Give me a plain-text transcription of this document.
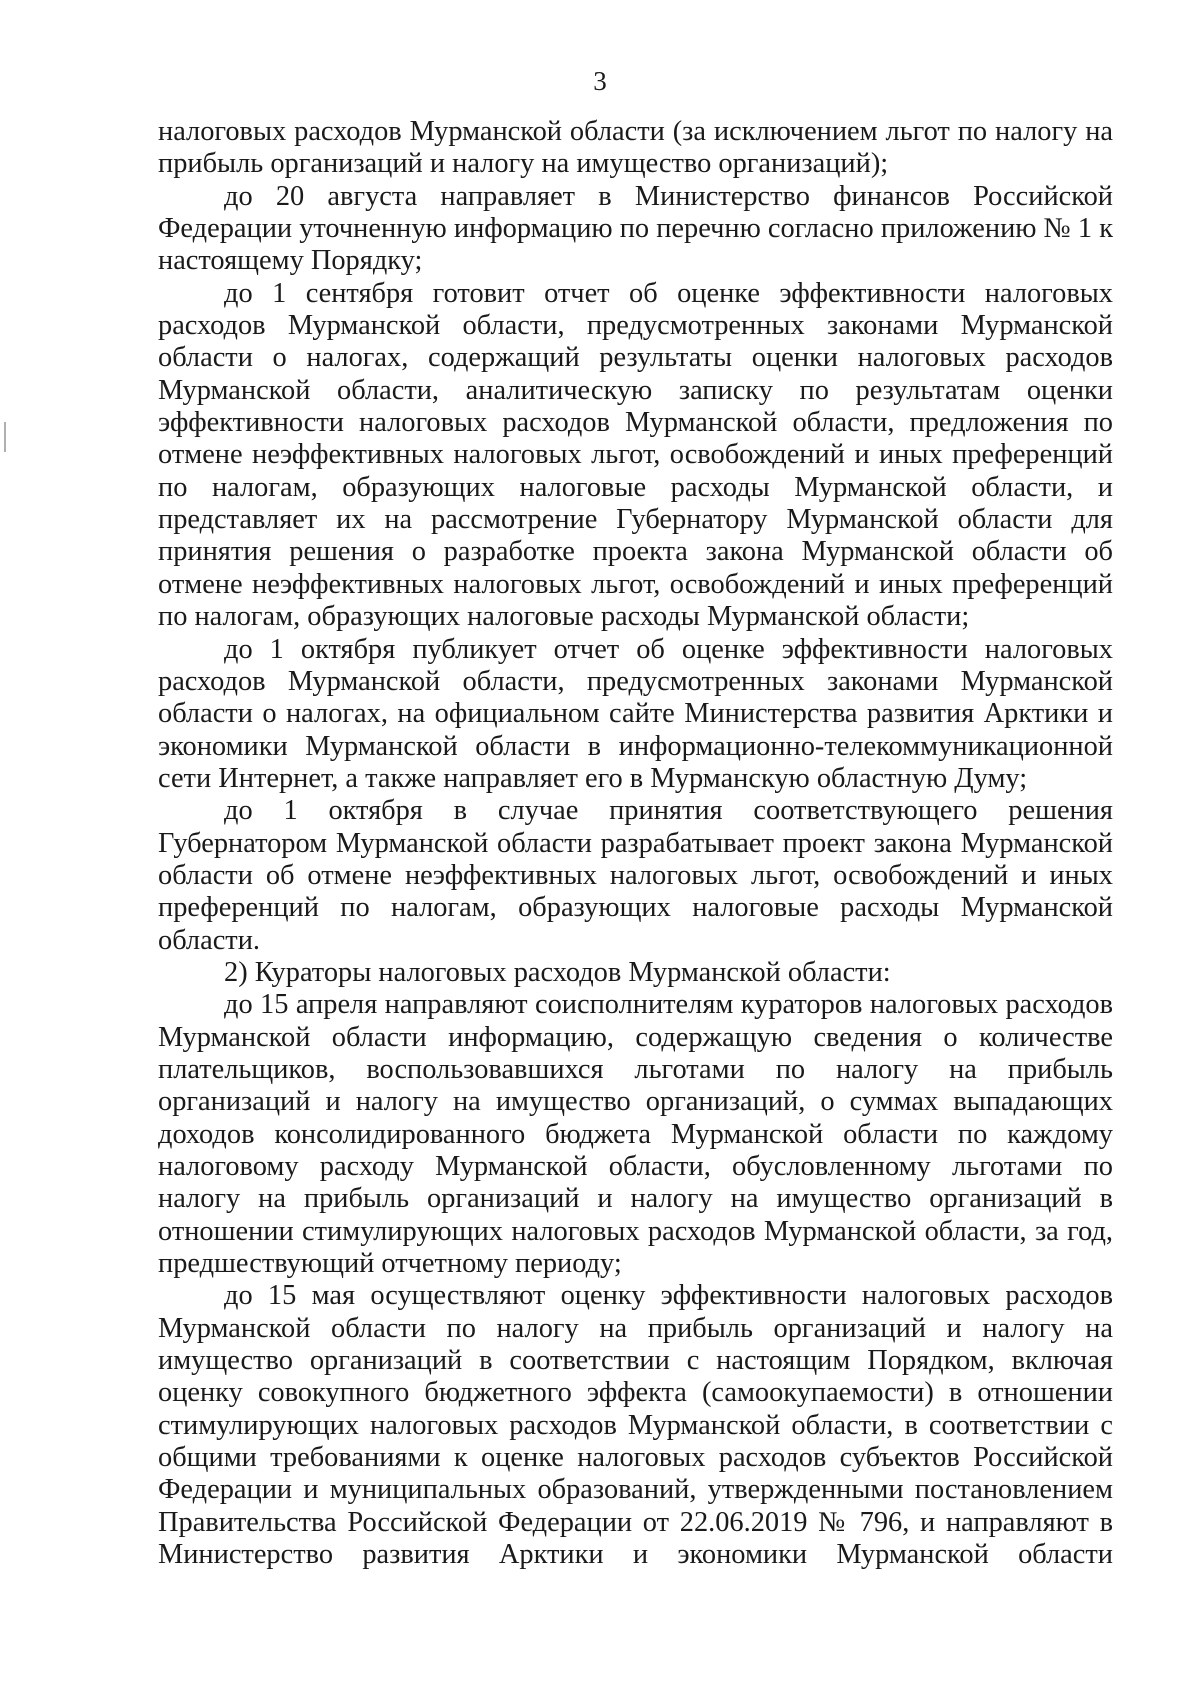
3

налоговых расходов Мурманской области (за исключением льгот по налогу на прибыль организаций и налогу на имущество организаций);

до 20 августа направляет в Министерство финансов Российской Федерации уточненную информацию по перечню согласно приложению № 1 к настоящему Порядку;

до 1 сентября готовит отчет об оценке эффективности налоговых расходов Мурманской области, предусмотренных законами Мурманской области о налогах, содержащий результаты оценки налоговых расходов Мурманской области, аналитическую записку по результатам оценки эффективности налоговых расходов Мурманской области, предложения по отмене неэффективных налоговых льгот, освобождений и иных преференций по налогам, образующих налоговые расходы Мурманской области, и представляет их на рассмотрение Губернатору Мурманской области для принятия решения о разработке проекта закона Мурманской области об отмене неэффективных налоговых льгот, освобождений и иных преференций по налогам, образующих налоговые расходы Мурманской области;

до 1 октября публикует отчет об оценке эффективности налоговых расходов Мурманской области, предусмотренных законами Мурманской области о налогах, на официальном сайте Министерства развития Арктики и экономики Мурманской области в информационно-телекоммуникационной сети Интернет, а также направляет его в Мурманскую областную Думу;

до 1 октября в случае принятия соответствующего решения Губернатором Мурманской области разрабатывает проект закона Мурманской области об отмене неэффективных налоговых льгот, освобождений и иных преференций по налогам, образующих налоговые расходы Мурманской области.

2) Кураторы налоговых расходов Мурманской области:

до 15 апреля направляют соисполнителям кураторов налоговых расходов Мурманской области информацию, содержащую сведения о количестве плательщиков, воспользовавшихся льготами по налогу на прибыль организаций и налогу на имущество организаций, о суммах выпадающих доходов консолидированного бюджета Мурманской области по каждому налоговому расходу Мурманской области, обусловленному льготами по налогу на прибыль организаций и налогу на имущество организаций в отношении стимулирующих налоговых расходов Мурманской области, за год, предшествующий отчетному периоду;

до 15 мая осуществляют оценку эффективности налоговых расходов Мурманской области по налогу на прибыль организаций и налогу на имущество организаций в соответствии с настоящим Порядком, включая оценку совокупного бюджетного эффекта (самоокупаемости) в отношении стимулирующих налоговых расходов Мурманской области, в соответствии с общими требованиями к оценке налоговых расходов субъектов Российской Федерации и муниципальных образований, утвержденными постановлением Правительства Российской Федерации от 22.06.2019 № 796, и направляют в Министерство развития Арктики и экономики Мурманской области
